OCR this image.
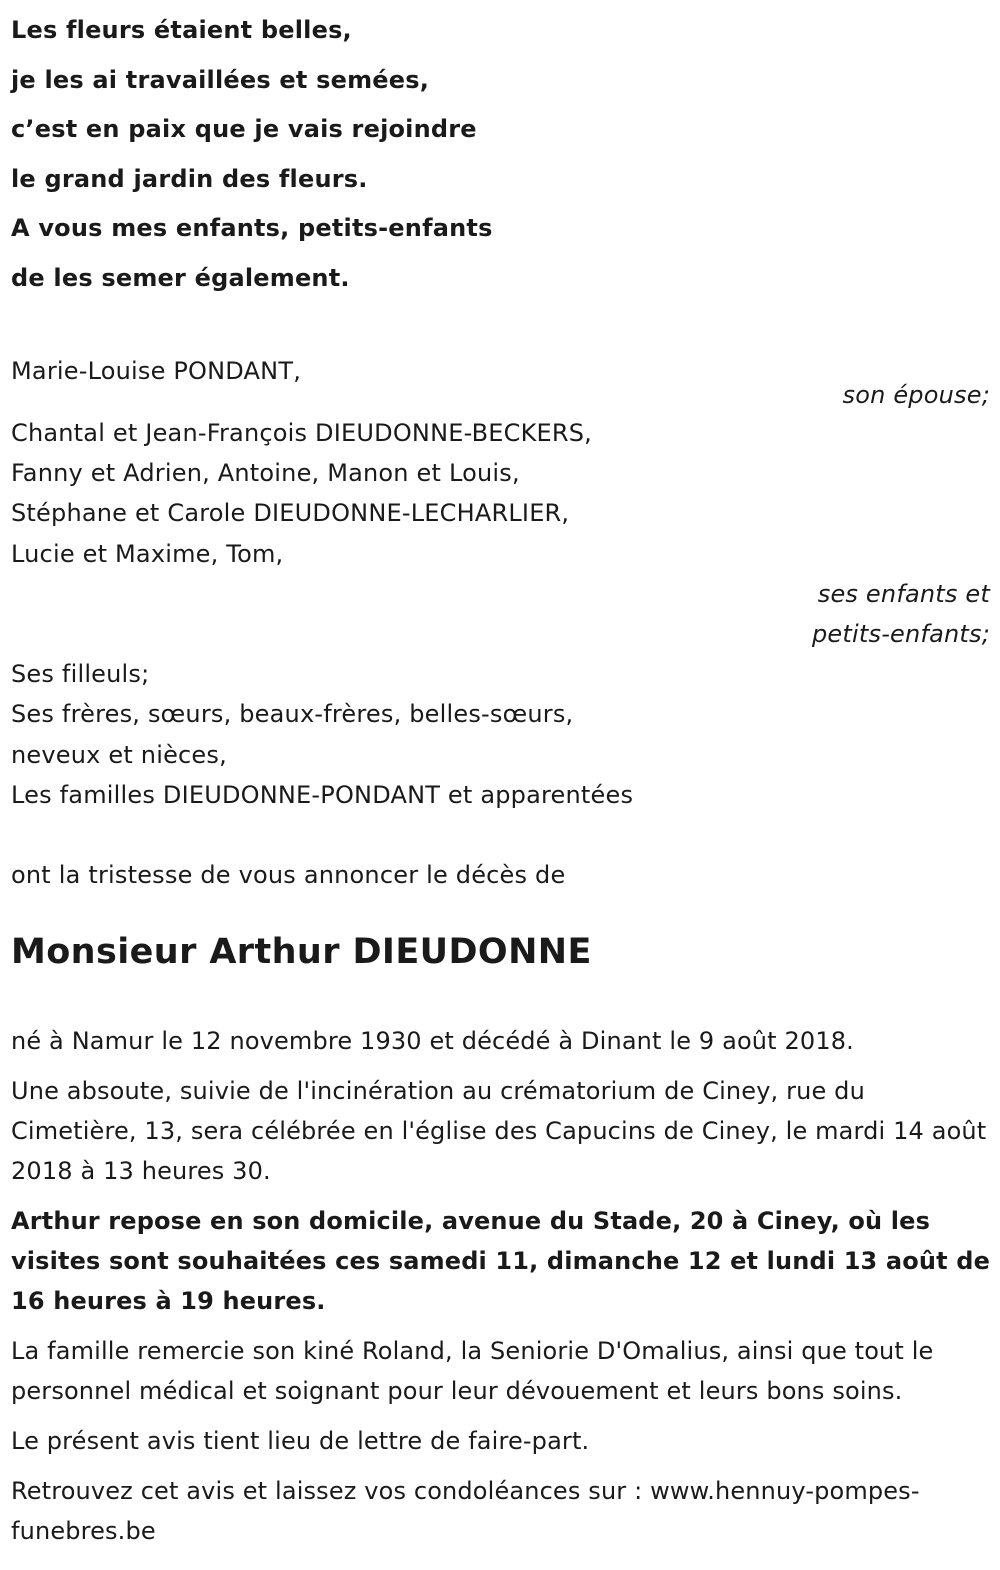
Les fleurs étaient belles,
je les ai travaillées et semées,
c’est en paix que je vais rejoindre
le grand jardin des fleurs.
A vous mes enfants, petits-enfants
de les semer également.
Marie-Louise PONDANT,
son épouse;
Chantal et Jean-François DIEUDONNE-BECKERS,
Fanny et Adrien, Antoine, Manon et Louis,
Stéphane et Carole DIEUDONNE-LECHARLIER,
Lucie et Maxime, Tom,
ses enfants et
petits-enfants;
Ses filleuls;
Ses frères, sœurs, beaux-frères, belles-sœurs,
neveux et nièces,
Les familles DIEUDONNE-PONDANT et apparentées
ont la tristesse de vous annoncer le décès de
Monsieur Arthur DIEUDONNE
né à Namur le 12 novembre 1930 et décédé à Dinant le 9 août 2018.
Une absoute, suivie de l'incinération au crématorium de Ciney, rue du Cimetière, 13, sera célébrée en l'église des Capucins de Ciney, le mardi 14 août 2018 à 13 heures 30.
Arthur repose en son domicile, avenue du Stade, 20 à Ciney, où les visites sont souhaitées ces samedi 11, dimanche 12 et lundi 13 août de 16 heures à 19 heures.
La famille remercie son kiné Roland, la Seniorie D'Omalius, ainsi que tout le personnel médical et soignant pour leur dévouement et leurs bons soins.
Le présent avis tient lieu de lettre de faire-part.
Retrouvez cet avis et laissez vos condoléances sur : www.hennuy-pompes-funebres.be
